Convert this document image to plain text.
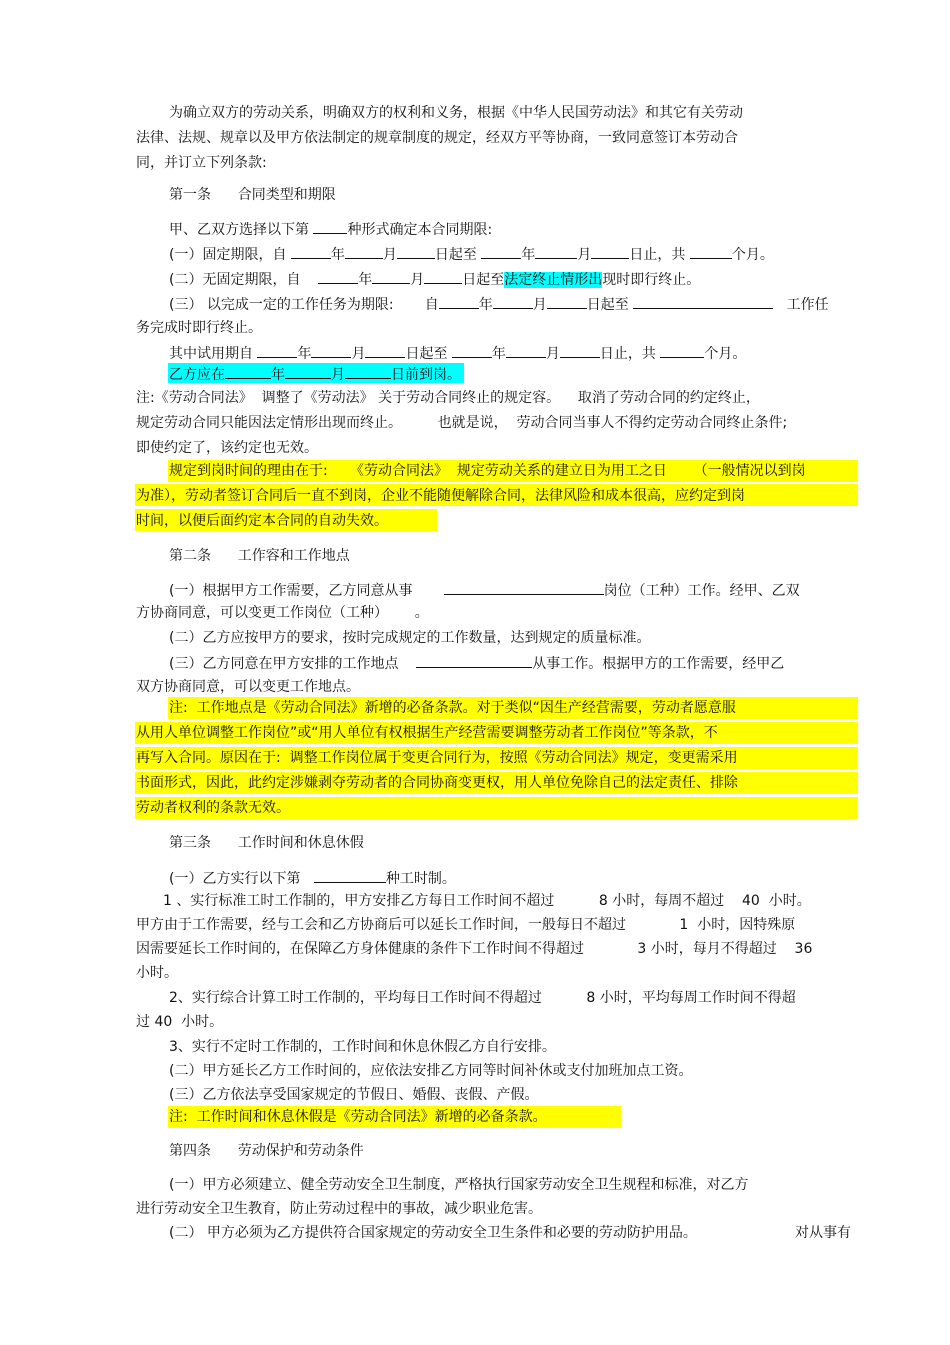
为确立双方的劳动关系，明确双方的权利和义务，根据《中华人民国劳动法》和其它有关劳动
法律、法规、规章以及甲方依法制定的规章制度的规定，经双方平等协商，一致同意签订本劳动合
同，并订立下列条款:
第一条      合同类型和期限
甲、乙双方选择以下第	种形式确定本合同期限:
(一）固定期限，自	年	月	日起至	年	月	日止，共	个月。
(二）无固定期限，自	年	月	日起至法定终止情形出现时即行终止。
(三） 以完成一定的工作任务为期限: 自	年	月	日起至	工作任
务完成时即行终止。
其中试用期自	年	月	日起至	年	月	日止，共	个月。
乙方应在	年	月	日前到岗。
注:《劳动合同法》  调整了《劳动法》 关于劳动合同终止的规定容。    取消了劳动合同的约定终止，
规定劳动合同只能因法定情形出现而终止。        也就是说，  劳动合同当事人不得约定劳动合同终止条件;
即使约定了，该约定也无效。
规定到岗时间的理由在于:     《劳动合同法》  规定劳动关系的建立日为用工之日      （一般情况以到岗
为准），劳动者签订合同后一直不到岗，企业不能随便解除合同，法律风险和成本很高，应约定到岗
时间，以便后面约定本合同的自动失效。
第二条      工作容和工作地点
(一）根据甲方工作需要，乙方同意从事	岗位（工种）工作。经甲、乙双
方协商同意，可以变更工作岗位（工种）      。
(二）乙方应按甲方的要求，按时完成规定的工作数量，达到规定的质量标准。
(三）乙方同意在甲方安排的工作地点	从事工作。根据甲方的工作需要，经甲乙
双方协商同意，可以变更工作地点。
注:  工作地点是《劳动合同法》新增的必备条款。对于类似“因生产经营需要，劳动者愿意服
从用人单位调整工作岗位”或“用人单位有权根据生产经营需要调整劳动者工作岗位”等条款，不
再写入合同。原因在于:  调整工作岗位属于变更合同行为，按照《劳动合同法》规定，变更需采用
书面形式，因此，此约定涉嫌剥夺劳动者的合同协商变更权，用人单位免除自己的法定责任、排除
劳动者权利的条款无效。
第三条      工作时间和休息休假
(一）乙方实行以下第	种工时制。
1 、实行标准工时工作制的，甲方安排乙方每日工作时间不超过          8 小时，每周不超过    40  小时。
甲方由于工作需要，经与工会和乙方协商后可以延长工作时间，一般每日不超过            1  小时，因特殊原
因需要延长工作时间的，在保障乙方身体健康的条件下工作时间不得超过            3 小时，每月不得超过    36
小时。
2、实行综合计算工时工作制的，平均每日工作时间不得超过          8 小时，平均每周工作时间不得超
过 40  小时。
3、实行不定时工作制的，工作时间和休息休假乙方自行安排。
(二）甲方延长乙方工作时间的，应依法安排乙方同等时间补休或支付加班加点工资。
(三）乙方依法享受国家规定的节假日、婚假、丧假、产假。
注:  工作时间和休息休假是《劳动合同法》新增的必备条款。
第四条      劳动保护和劳动条件
(一）甲方必须建立、健全劳动安全卫生制度，严格执行国家劳动安全卫生规程和标准，对乙方
进行劳动安全卫生教育，防止劳动过程中的事故，减少职业危害。
(二） 甲方必须为乙方提供符合国家规定的劳动安全卫生条件和必要的劳动防护用品。	对从事有
